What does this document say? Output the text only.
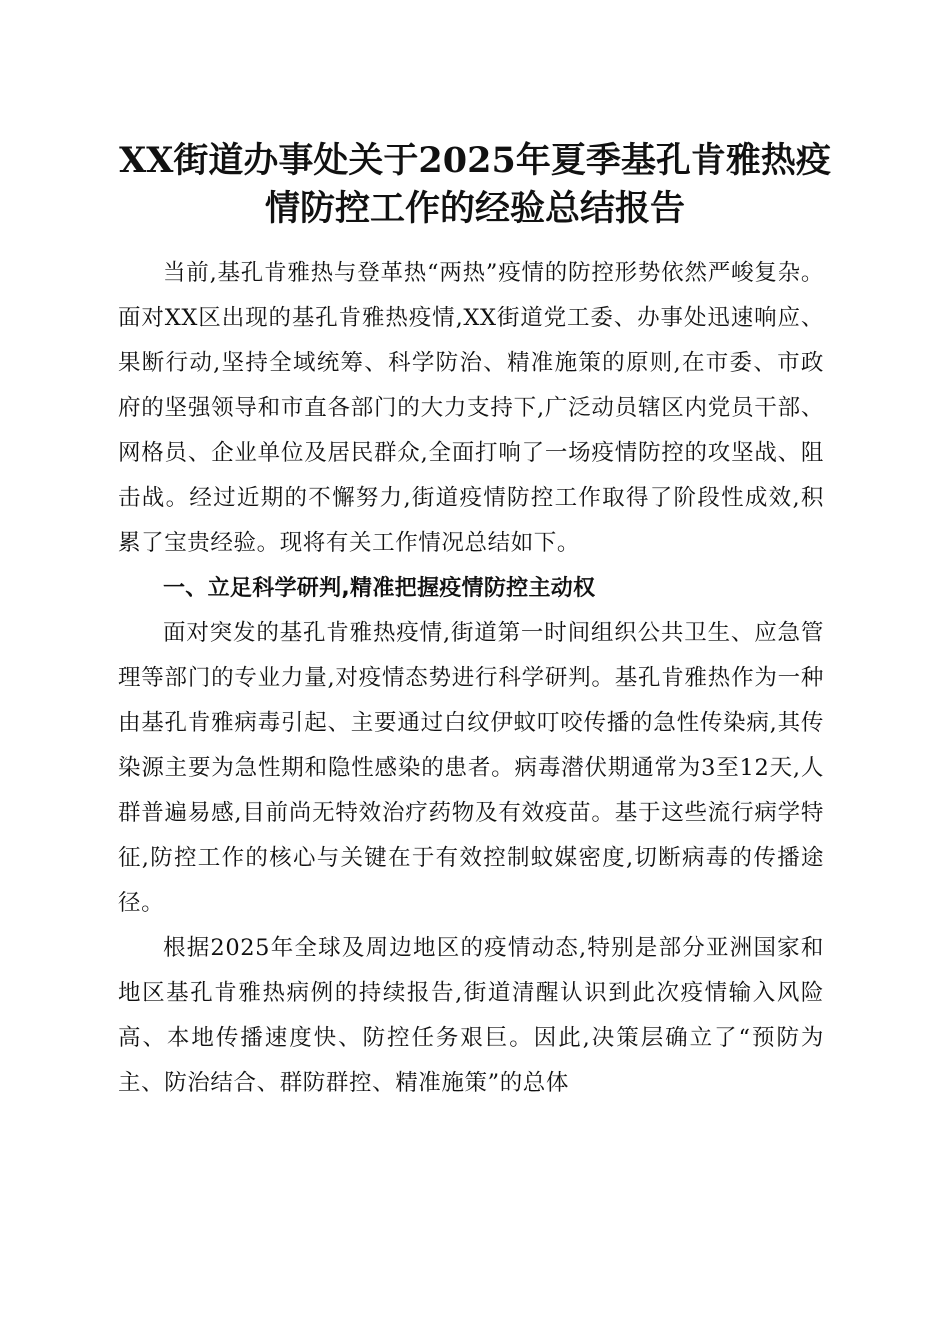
XX街道办事处关于2025年夏季基孔肯雅热疫
情防控工作的经验总结报告

当前,基孔肯雅热与登革热“两热”疫情的防控形势依然严峻复杂。面对XX区出现的基孔肯雅热疫情,XX街道党工委、办事处迅速响应、果断行动,坚持全域统筹、科学防治、精准施策的原则,在市委、市政府的坚强领导和市直各部门的大力支持下,广泛动员辖区内党员干部、网格员、企业单位及居民群众,全面打响了一场疫情防控的攻坚战、阻击战。经过近期的不懈努力,街道疫情防控工作取得了阶段性成效,积累了宝贵经验。现将有关工作情况总结如下。

一、立足科学研判,精准把握疫情防控主动权

面对突发的基孔肯雅热疫情,街道第一时间组织公共卫生、应急管理等部门的专业力量,对疫情态势进行科学研判。基孔肯雅热作为一种由基孔肯雅病毒引起、主要通过白纹伊蚊叮咬传播的急性传染病,其传染源主要为急性期和隐性感染的患者。病毒潜伏期通常为3至12天,人群普遍易感,目前尚无特效治疗药物及有效疫苗。基于这些流行病学特征,防控工作的核心与关键在于有效控制蚊媒密度,切断病毒的传播途径。

根据2025年全球及周边地区的疫情动态,特别是部分亚洲国家和地区基孔肯雅热病例的持续报告,街道清醒认识到此次疫情输入风险高、本地传播速度快、防控任务艰巨。因此,决策层确立了“预防为主、防治结合、群防群控、精准施策”的总体
